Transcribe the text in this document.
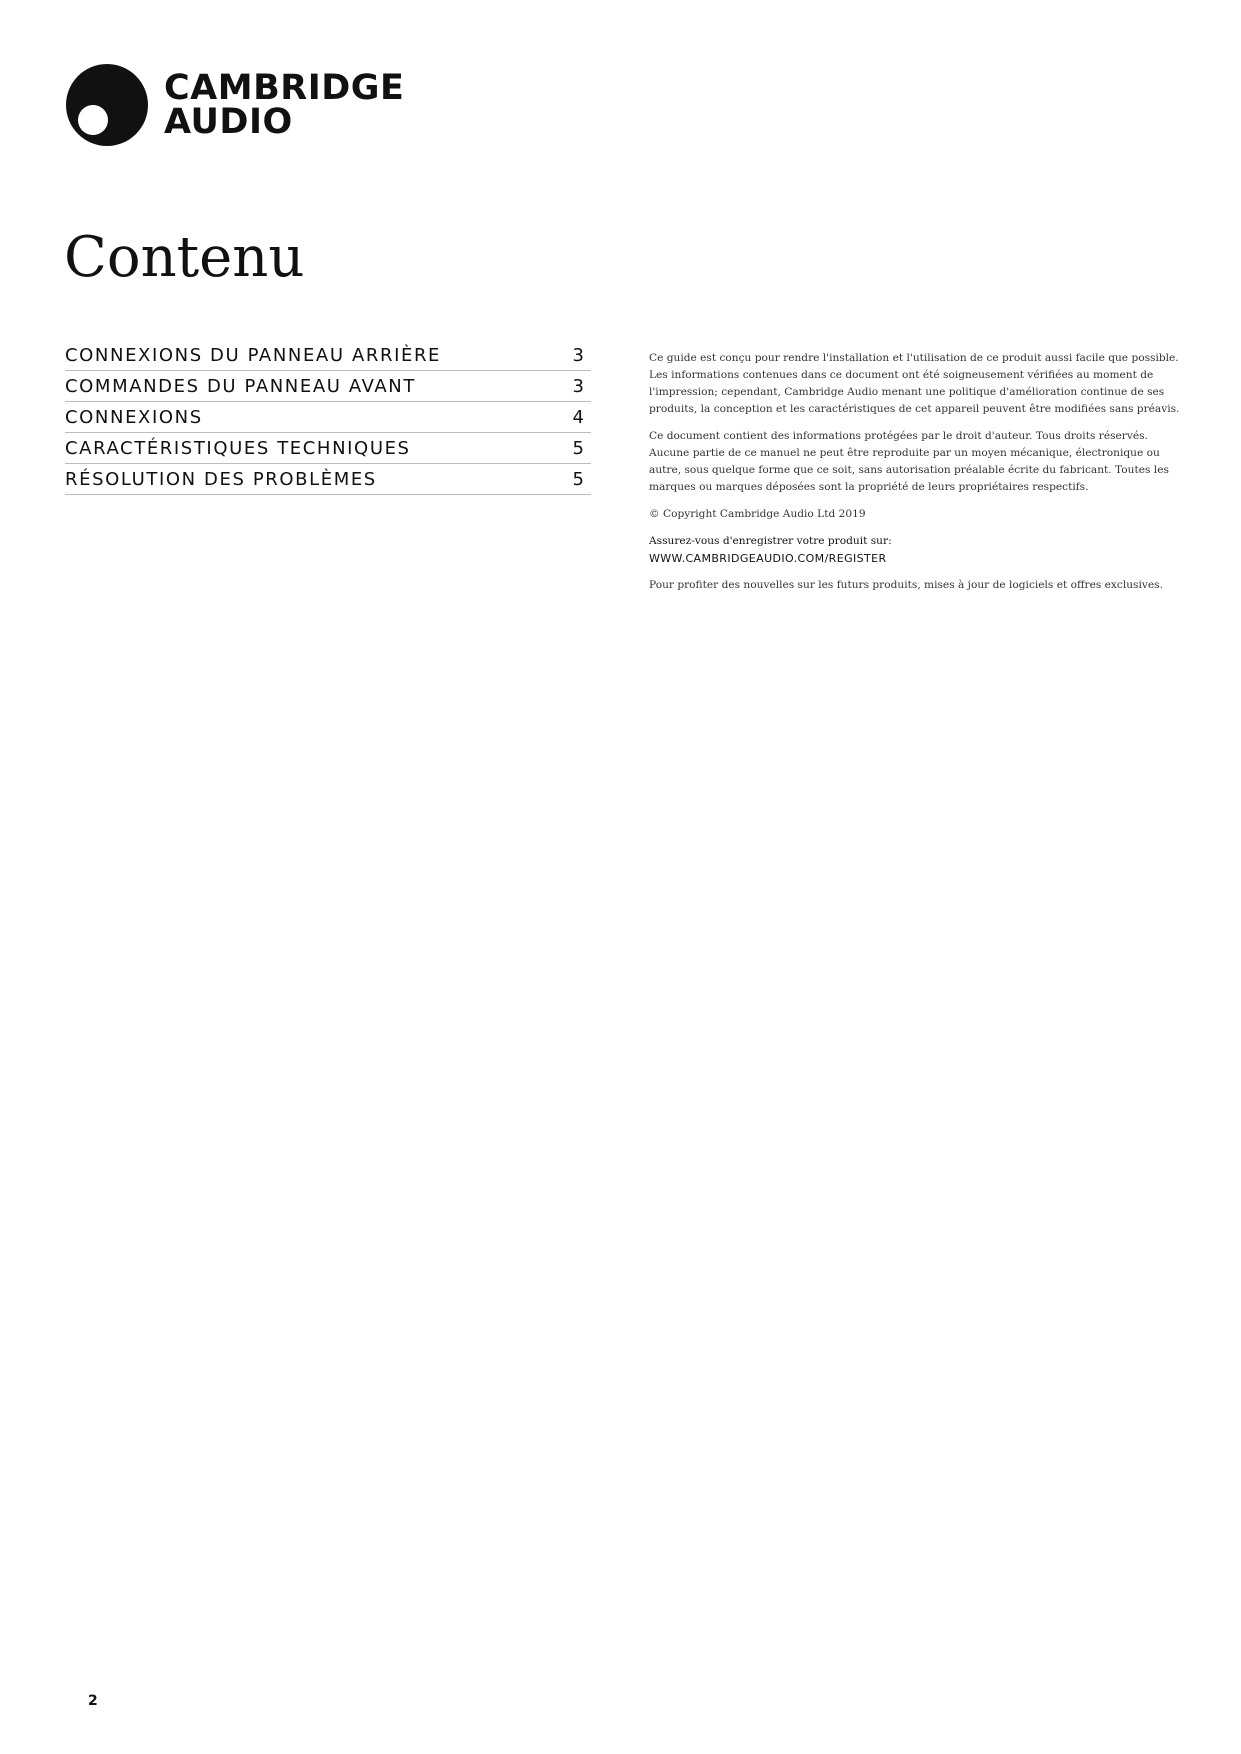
CAMBRIDGE
AUDIO
Contenu
CONNEXIONS DU PANNEAU ARRIÈRE	3
COMMANDES DU PANNEAU AVANT	3
CONNEXIONS	4
CARACTÉRISTIQUES TECHNIQUES	5
RÉSOLUTION DES PROBLÈMES	5

Ce guide est conçu pour rendre l'installation et l'utilisation de ce produit aussi facile que possible. Les informations contenues dans ce document ont été soigneusement vérifiées au moment de l'impression; cependant, Cambridge Audio menant une politique d'amélioration continue de ses produits, la conception et les caractéristiques de cet appareil peuvent être modifiées sans préavis.

Ce document contient des informations protégées par le droit d'auteur. Tous droits réservés. Aucune partie de ce manuel ne peut être reproduite par un moyen mécanique, électronique ou autre, sous quelque forme que ce soit, sans autorisation préalable écrite du fabricant. Toutes les marques ou marques déposées sont la propriété de leurs propriétaires respectifs.

© Copyright Cambridge Audio Ltd 2019

Assurez-vous d'enregistrer votre produit sur:
WWW.CAMBRIDGEAUDIO.COM/REGISTER

Pour profiter des nouvelles sur les futurs produits, mises à jour de logiciels et offres exclusives.

2
